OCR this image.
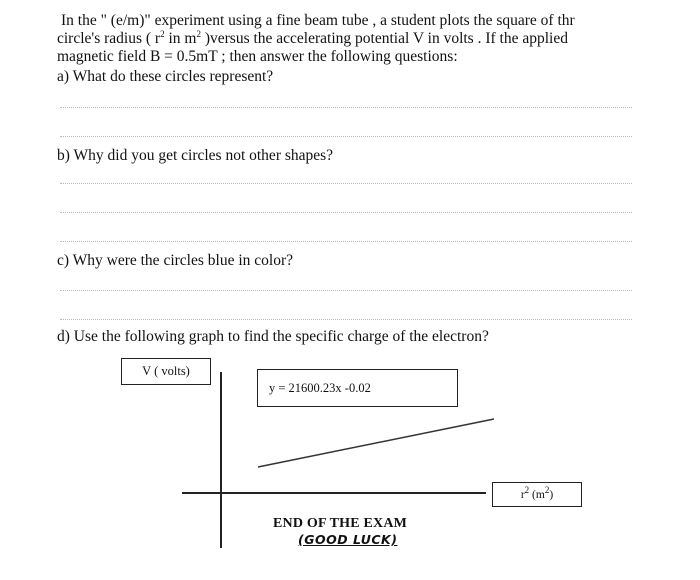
In the " (e/m)" experiment using a fine beam tube , a student plots the square of thr
circle's radius ( $r^2$ in $m^2$ )versus the accelerating potential V in volts . If the applied
magnetic field B = 0.5mT ; then answer the following questions:
a) What do these circles represent?
b) Why did you get circles not other shapes?
c) Why were the circles blue in color?
d) Use the following graph to find the specific charge of the electron?
V ( volts)
y = 21600.23x -0.02
$r^2$ $(m^2)$
END OF THE EXAM
(GOOD LUCK)
